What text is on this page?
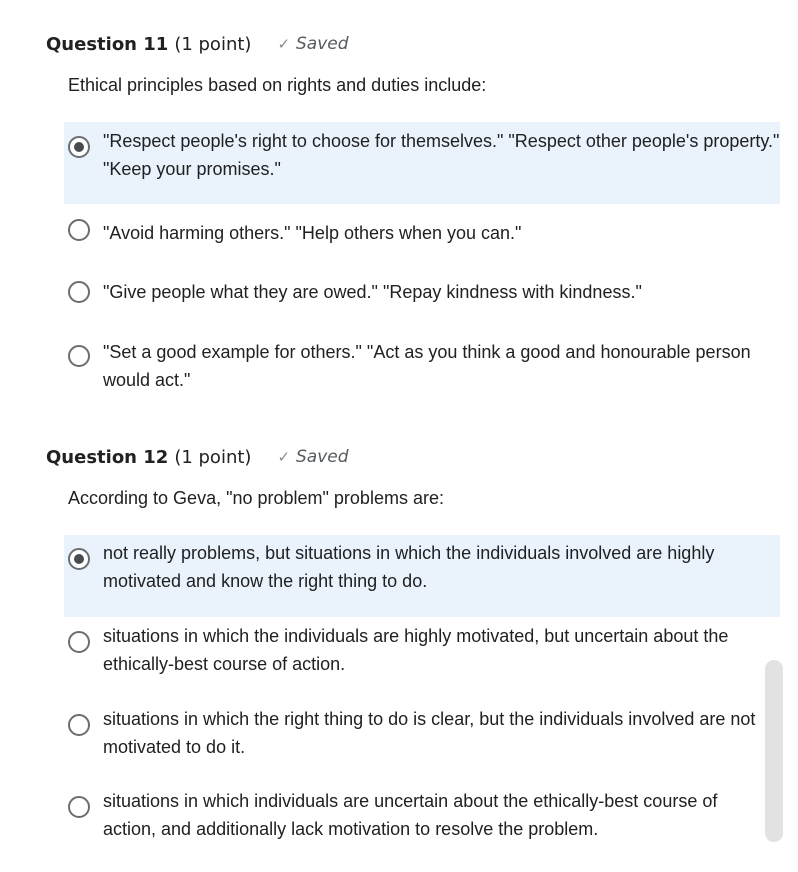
Question 11 (1 point) ✓ Saved
Ethical principles based on rights and duties include:
"Respect people's right to choose for themselves." "Respect other people's property." "Keep your promises."
"Avoid harming others." "Help others when you can."
"Give people what they are owed." "Repay kindness with kindness."
"Set a good example for others." "Act as you think a good and honourable person would act."
Question 12 (1 point) ✓ Saved
According to Geva, "no problem" problems are:
not really problems, but situations in which the individuals involved are highly motivated and know the right thing to do.
situations in which the individuals are highly motivated, but uncertain about the ethically-best course of action.
situations in which the right thing to do is clear, but the individuals involved are not motivated to do it.
situations in which individuals are uncertain about the ethically-best course of action, and additionally lack motivation to resolve the problem.
